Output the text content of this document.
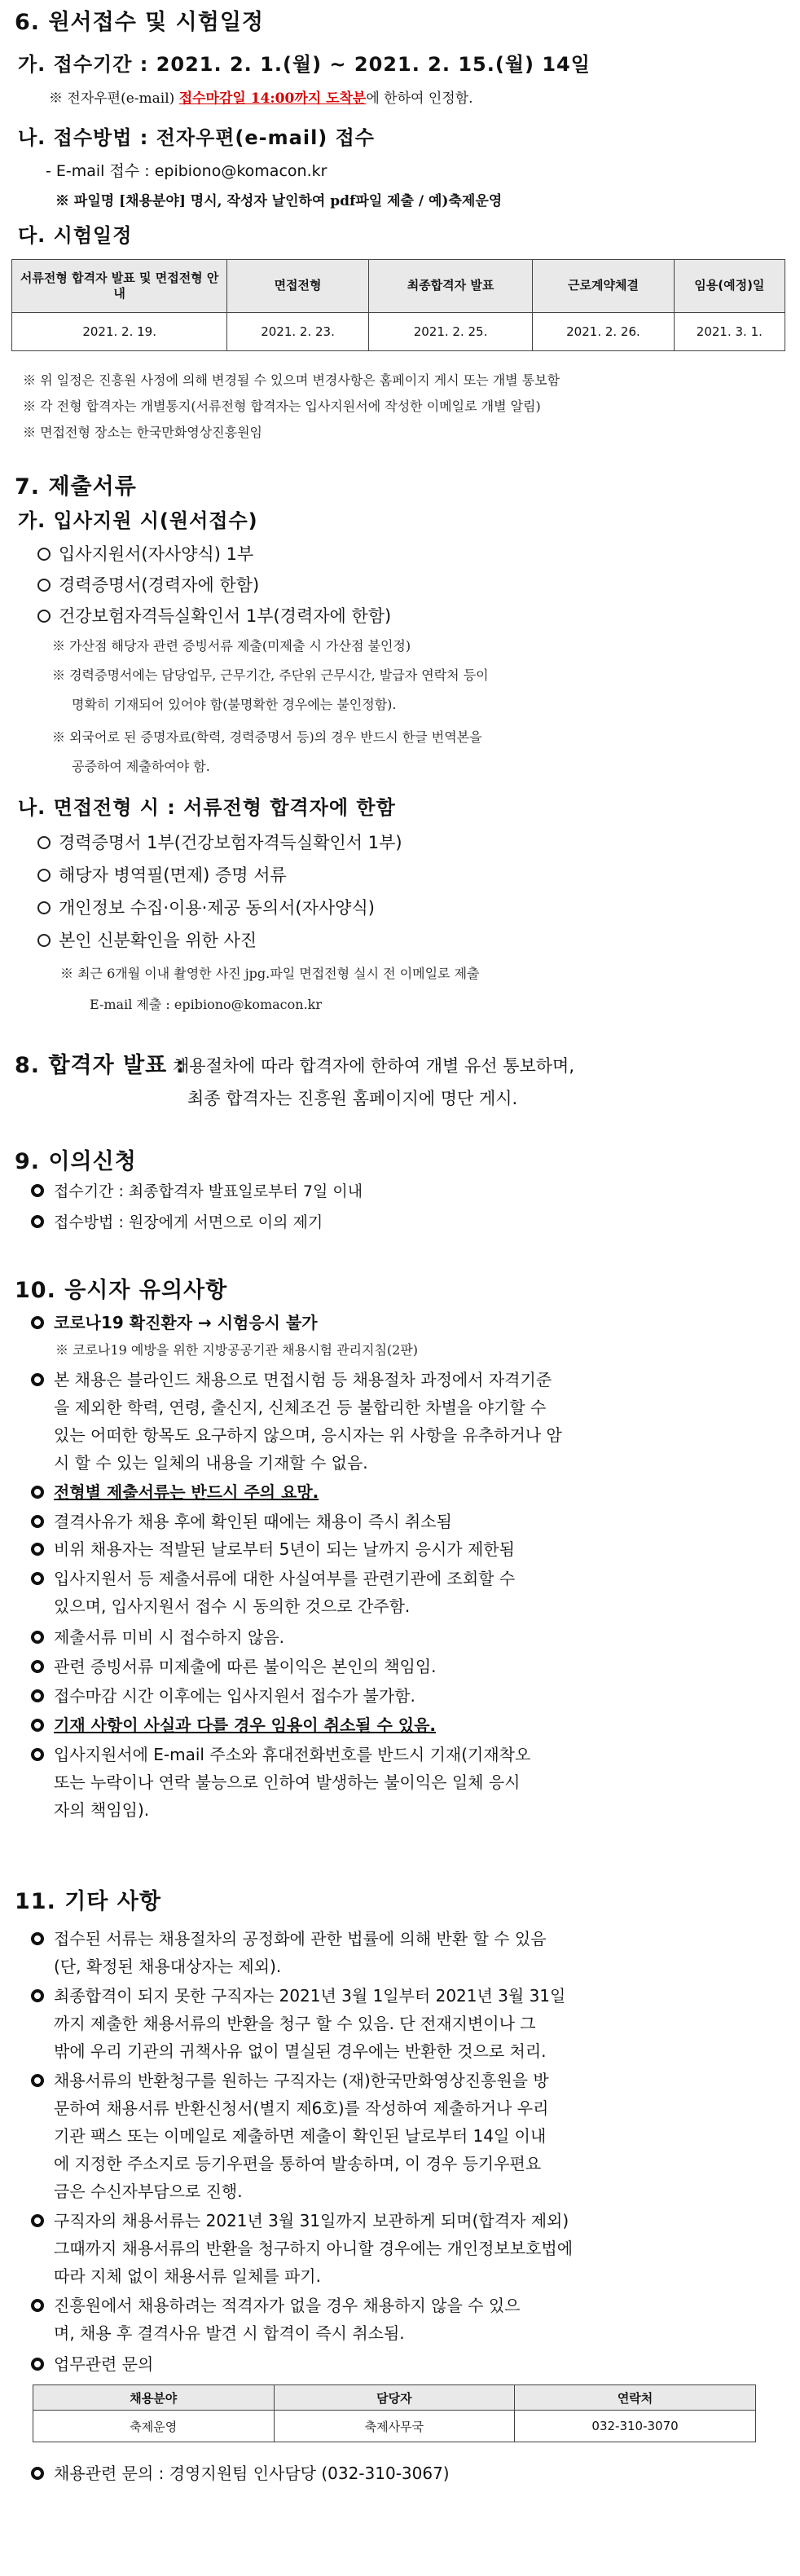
6. 원서접수 및 시험일정
가. 접수기간 : 2021. 2. 1.(월) ~ 2021. 2. 15.(월) 14일
※ 전자우편(e-mail) 접수마감일 14:00까지 도착분에 한하여 인정함.
나. 접수방법 : 전자우편(e-mail) 접수
- E-mail 접수 : epibiono@komacon.kr
※ 파일명 [채용분야] 명시, 작성자 날인하여 pdf파일 제출 / 예)축제운영
다. 시험일정
서류전형 합격자 발표 및 면접전형 안내	면접전형	최종합격자 발표	근로계약체결	임용(예정)일
2021. 2. 19.	2021. 2. 23.	2021. 2. 25.	2021. 2. 26.	2021. 3. 1.
※ 위 일정은 진흥원 사정에 의해 변경될 수 있으며 변경사항은 홈페이지 게시 또는 개별 통보함
※ 각 전형 합격자는 개별통지(서류전형 합격자는 입사지원서에 작성한 이메일로 개별 알림)
※ 면접전형 장소는 한국만화영상진흥원임
7. 제출서류
가. 입사지원 시(원서접수)
입사지원서(자사양식) 1부
경력증명서(경력자에 한함)
건강보험자격득실확인서 1부(경력자에 한함)
※ 가산점 해당자 관련 증빙서류 제출(미제출 시 가산점 불인정)
※ 경력증명서에는 담당업무, 근무기간, 주단위 근무시간, 발급자 연락처 등이
명확히 기재되어 있어야 함(불명확한 경우에는 불인정함).
※ 외국어로 된 증명자료(학력, 경력증명서 등)의 경우 반드시 한글 번역본을
공증하여 제출하여야 함.
나. 면접전형 시 : 서류전형 합격자에 한함
경력증명서 1부(건강보험자격득실확인서 1부)
해당자 병역필(면제) 증명 서류
개인정보 수집·이용·제공 동의서(자사양식)
본인 신분확인을 위한 사진
※ 최근 6개월 이내 촬영한 사진 jpg.파일 면접전형 실시 전 이메일로 제출
E-mail 제출 : epibiono@komacon.kr
8. 합격자 발표 :
채용절차에 따라 합격자에 한하여 개별 유선 통보하며,
최종 합격자는 진흥원 홈페이지에 명단 게시.
9. 이의신청
접수기간 : 최종합격자 발표일로부터 7일 이내
접수방법 : 원장에게 서면으로 이의 제기
10. 응시자 유의사항
코로나19 확진환자 → 시험응시 불가
※ 코로나19 예방을 위한 지방공공기관 채용시험 관리지침(2판)
본 채용은 블라인드 채용으로 면접시험 등 채용절차 과정에서 자격기준
을 제외한 학력, 연령, 출신지, 신체조건 등 불합리한 차별을 야기할 수
있는 어떠한 항목도 요구하지 않으며, 응시자는 위 사항을 유추하거나 암
시 할 수 있는 일체의 내용을 기재할 수 없음.
전형별 제출서류는 반드시 주의 요망.
결격사유가 채용 후에 확인된 때에는 채용이 즉시 취소됨
비위 채용자는 적발된 날로부터 5년이 되는 날까지 응시가 제한됨
입사지원서 등 제출서류에 대한 사실여부를 관련기관에 조회할 수
있으며, 입사지원서 접수 시 동의한 것으로 간주함.
제출서류 미비 시 접수하지 않음.
관련 증빙서류 미제출에 따른 불이익은 본인의 책임임.
접수마감 시간 이후에는 입사지원서 접수가 불가함.
기재 사항이 사실과 다를 경우 임용이 취소될 수 있음.
입사지원서에 E-mail 주소와 휴대전화번호를 반드시 기재(기재착오
또는 누락이나 연락 불능으로 인하여 발생하는 불이익은 일체 응시
자의 책임임).
11. 기타 사항
접수된 서류는 채용절차의 공정화에 관한 법률에 의해 반환 할 수 있음
(단, 확정된 채용대상자는 제외).
최종합격이 되지 못한 구직자는 2021년 3월 1일부터 2021년 3월 31일
까지 제출한 채용서류의 반환을 청구 할 수 있음. 단 전재지변이나 그
밖에 우리 기관의 귀책사유 없이 멸실된 경우에는 반환한 것으로 처리.
채용서류의 반환청구를 원하는 구직자는 (재)한국만화영상진흥원을 방
문하여 채용서류 반환신청서(별지 제6호)를 작성하여 제출하거나 우리
기관 팩스 또는 이메일로 제출하면 제출이 확인된 날로부터 14일 이내
에 지정한 주소지로 등기우편을 통하여 발송하며, 이 경우 등기우편요
금은 수신자부담으로 진행.
구직자의 채용서류는 2021년 3월 31일까지 보관하게 되며(합격자 제외)
그때까지 채용서류의 반환을 청구하지 아니할 경우에는 개인정보보호법에
따라 지체 없이 채용서류 일체를 파기.
진흥원에서 채용하려는 적격자가 없을 경우 채용하지 않을 수 있으
며, 채용 후 결격사유 발견 시 합격이 즉시 취소됨.
업무관련 문의
채용분야	담당자	연락처
축제운영	축제사무국	032-310-3070
채용관련 문의 : 경영지원팀 인사담당 (032-310-3067)
